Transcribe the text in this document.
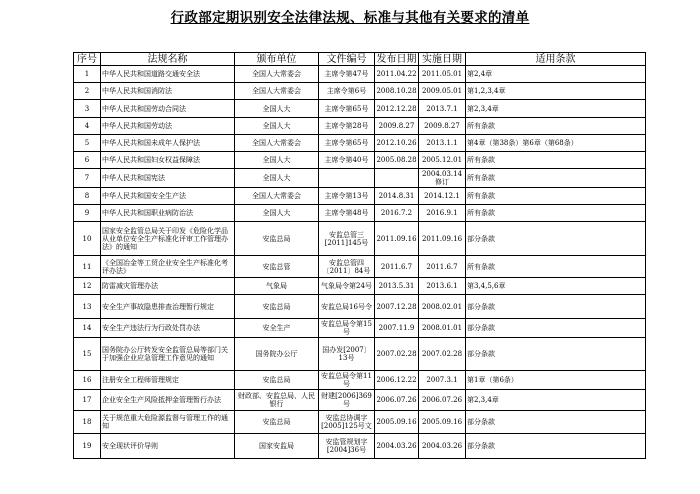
行政部定期识别安全法律法规、标准与其他有关要求的清单
序号	法规名称	颁布单位	文件编号	发布日期	实施日期	适用条款
1	中华人民共和国道路交通安全法	全国人大常委会	主席令第47号	2011.04.22	2011.05.01	第2,4章
2	中华人民共和国消防法	全国人大常委会	主席令第6号	2008.10.28	2009.05.01	第1,2,3,4章
3	中华人民共和国劳动合同法	全国人大	主席令第65号	2012.12.28	2013.7.1	第2,3,4章
4	中华人民共和国劳动法	全国人大	主席令第28号	2009.8.27	2009.8.27	所有条款
5	中华人民共和国未成年人保护法	全国人大常委会	主席令第65号	2012.10.26	2013.1.1	第4章（第38条）第6章（第68条）
6	中华人民共和国妇女权益保障法	全国人大	主席令第40号	2005.08.28	2005.12.01	所有条款
7	中华人民共和国宪法	全国人大			2004.03.14 修订	所有条款
8	中华人民共和国安全生产法	全国人大常委会	主席令第13号	2014.8.31	2014.12.1	所有条款
9	中华人民共和国职业病防治法	全国人大	主席令第48号	2016.7.2	2016.9.1	所有条款
10	国家安全监管总局关于印发《危险化学品从业单位安全生产标准化评审工作管理办法》的通知	安监总局	安监总管三[2011]145号	2011.09.16	2011.09.16	部分条款
11	《全国冶金等工贸企业安全生产标准化考评办法》	安监总管	安监总管四〔2011〕84号	2011.6.7	2011.6.7	所有条款
12	防雷减灾管理办法	气象局	气象局令第24号	2013.5.31	2013.6.1	第3,4,5,6章
13	安全生产事故隐患排查治理暂行规定	安监总局	安监总局16号令	2007.12.28	2008.02.01	部分条款
14	安全生产违法行为行政处罚办法	安全生产	安监总局令第15号	2007.11.9	2008.01.01	部分条款
15	国务院办公厅转发安全监管总局等部门关于加强企业应急管理工作意见的通知	国务院办公厅	国办发[2007〕13号	2007.02.28	2007.02.28	部分条款
16	注册安全工程师管理规定	安监总局	安监总局令第11号	2006.12.22	2007.3.1	第1章（第6条）
17	企业安全生产风险抵押金管理暂行办法	财政部、安监总局、人民银行	财建[2006]369号	2006.07.26	2006.07.26	第2,3,4章
18	关于规范重大危险源监督与管理工作的通知	安监总局	安监总协调字[2005]125号文	2005.09.16	2005.09.16	部分条款
19	安全现状评价导则	国家安监局	安监管规划字[2004]36号	2004.03.26	2004.03.26	部分条款
